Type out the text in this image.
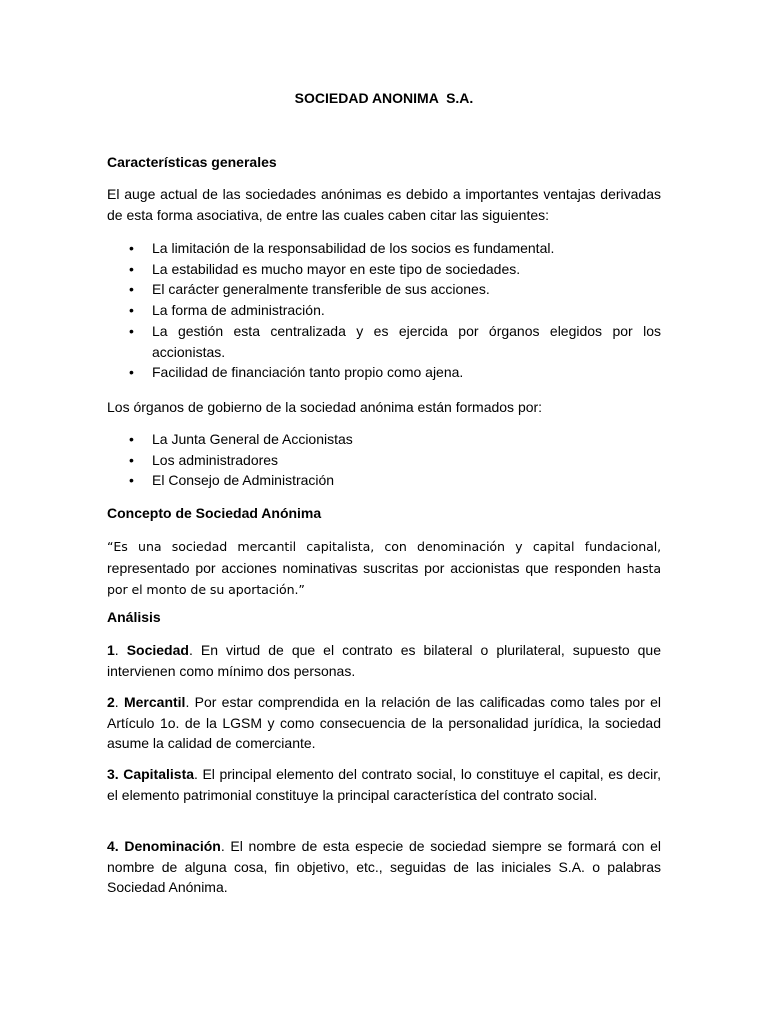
SOCIEDAD ANONIMA  S.A.
Características generales
El auge actual de las sociedades anónimas es debido a importantes ventajas derivadas de esta forma asociativa, de entre las cuales caben citar las siguientes:
• La limitación de la responsabilidad de los socios es fundamental.
• La estabilidad es mucho mayor en este tipo de sociedades.
• El carácter generalmente transferible de sus acciones.
• La forma de administración.
• La gestión esta centralizada y es ejercida por órganos elegidos por los accionistas.
• Facilidad de financiación tanto propio como ajena.
Los órganos de gobierno de la sociedad anónima están formados por:
• La Junta General de Accionistas
• Los administradores
• El Consejo de Administración
Concepto de Sociedad Anónima
“Es una sociedad mercantil capitalista, con denominación y capital fundacional, representado por acciones nominativas suscritas por accionistas que responden hasta por el monto de su aportación.”
Análisis
1. Sociedad. En virtud de que el contrato es bilateral o plurilateral, supuesto que intervienen como mínimo dos personas.
2. Mercantil. Por estar comprendida en la relación de las calificadas como tales por el Artículo 1o. de la LGSM y como consecuencia de la personalidad jurídica, la sociedad asume la calidad de comerciante.
3. Capitalista. El principal elemento del contrato social, lo constituye el capital, es decir, el elemento patrimonial constituye la principal característica del contrato social.
4. Denominación. El nombre de esta especie de sociedad siempre se formará con el nombre de alguna cosa, fin objetivo, etc., seguidas de las iniciales S.A. o palabras Sociedad Anónima.
